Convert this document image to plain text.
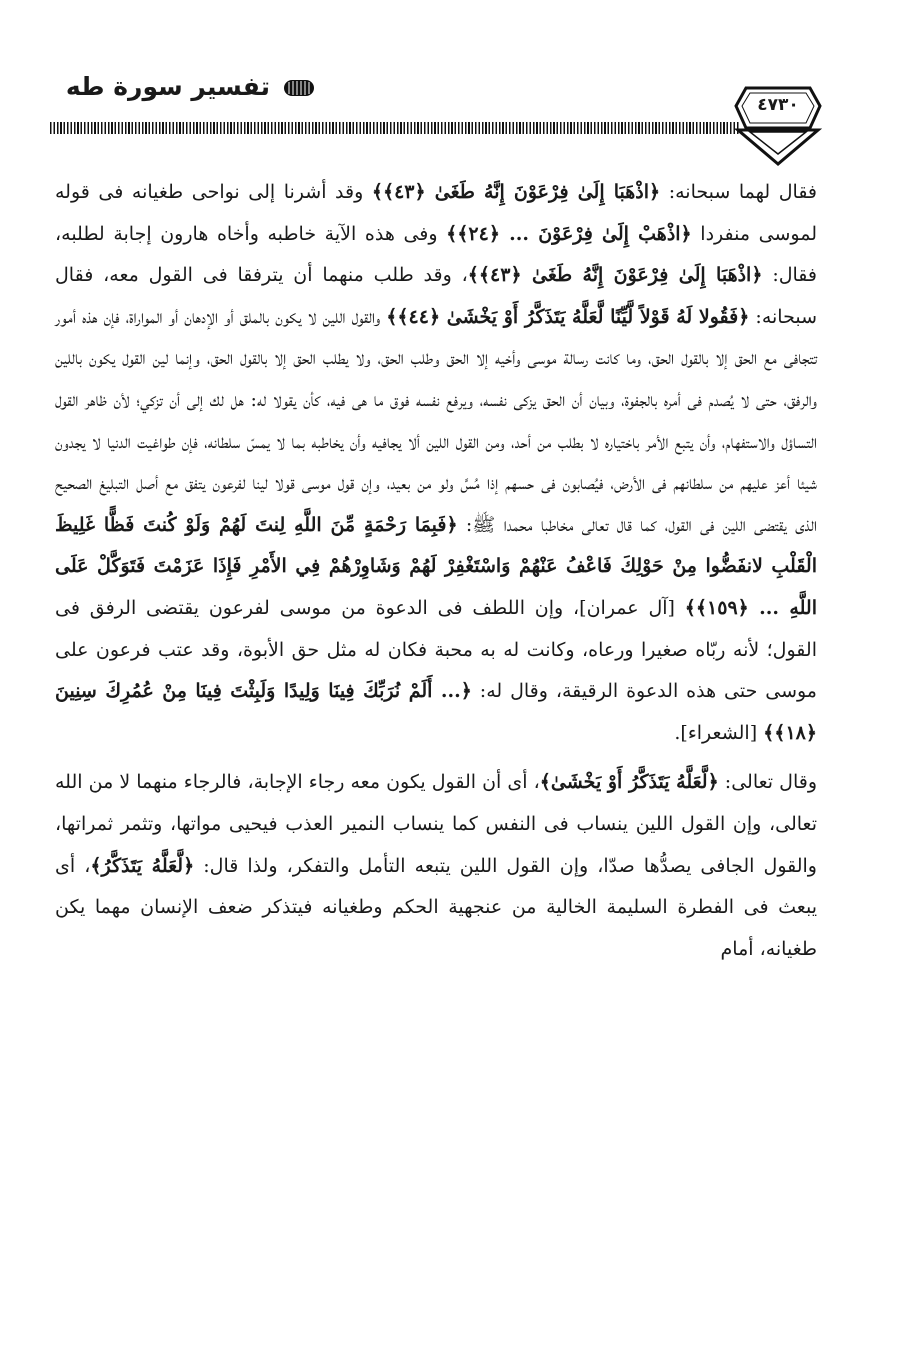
تفسير سورة طه
٤٧٣٠

فقال لهما سبحانه: ﴿اذْهَبَا إِلَىٰ فِرْعَوْنَ إِنَّهُ طَغَىٰ ﴿٤٣﴾﴾ وقد أشرنا إلى نواحى طغيانه فى قوله لموسى منفردا ﴿اذْهَبْ إِلَىٰ فِرْعَوْنَ ... ﴿٢٤﴾﴾ وفى هذه الآية خاطبه وأخاه هارون إجابة لطلبه، فقال: ﴿اذْهَبَا إِلَىٰ فِرْعَوْنَ إِنَّهُ طَغَىٰ ﴿٤٣﴾﴾، وقد طلب منهما أن يترفقا فى القول معه، فقال سبحانه: ﴿فَقُولا لَهُ قَوْلاً لَّيِّنًا لَّعَلَّهُ يَتَذَكَّرُ أَوْ يَخْشَىٰ ﴿٤٤﴾﴾ والقول اللين لا يكون بالملق أو الإدهان أو المواراة، فإن هذه أمور تتجافى مع الحق إلا بالقول الحق، وما كانت رسالة موسى وأخيه إلا الحق وطلب الحق، ولا يطلب الحق إلا بالقول الحق، وإنما لين القول يكون باللين والرفق، حتى لا يُصدم فى أمره بالجفوة، وبيان أن الحق يزكى نفسه، ويرفع نفسه فوق ما هى فيه، كأن يقولا له: هل لك إلى أن تزكي؛ لأن ظاهر القول التساؤل والاستفهام، وأن يتبع الأمر باختياره لا بطلب من أحد، ومن القول اللين ألا يجافيه وأن يخاطبه بما لا يمسّ سلطانه، فإن طواغيت الدنيا لا يجدون شيئا أعز عليهم من سلطانهم فى الأرض، فيُصابون فى حسهم إذا مُسَّ ولو من بعيد، وإن قول موسى قولا لينا لفرعون يتفق مع أصل التبليغ الصحيح الذى يقتضى اللين فى القول، كما قال تعالى مخاطبا محمدا ﷺ: ﴿فَبِمَا رَحْمَةٍ مِّنَ اللَّهِ لِنتَ لَهُمْ وَلَوْ كُنتَ فَظًّا غَلِيظَ الْقَلْبِ لانفَضُّوا مِنْ حَوْلِكَ فَاعْفُ عَنْهُمْ وَاسْتَغْفِرْ لَهُمْ وَشَاوِرْهُمْ فِي الأَمْرِ فَإِذَا عَزَمْتَ فَتَوَكَّلْ عَلَى اللَّهِ ... ﴿١٥٩﴾﴾ [آل عمران]، وإن اللطف فى الدعوة من موسى لفرعون يقتضى الرفق فى القول؛ لأنه ربّاه صغيرا ورعاه، وكانت له به محبة فكان له مثل حق الأبوة، وقد عتب فرعون على موسى حتى هذه الدعوة الرقيقة، وقال له: ﴿... أَلَمْ نُرَبِّكَ فِينَا وَلِيدًا وَلَبِثْتَ فِينَا مِنْ عُمُرِكَ سِنِينَ ﴿١٨﴾﴾ [الشعراء].

وقال تعالى: ﴿لَّعَلَّهُ يَتَذَكَّرُ أَوْ يَخْشَىٰ﴾، أى أن القول يكون معه رجاء الإجابة، فالرجاء منهما لا من الله تعالى، وإن القول اللين ينساب فى النفس كما ينساب النمير العذب فيحيى مواتها، وتثمر ثمراتها، والقول الجافى يصدُّها صدّا، وإن القول اللين يتبعه التأمل والتفكر، ولذا قال: ﴿لَّعَلَّهُ يَتَذَكَّرُ﴾، أى يبعث فى الفطرة السليمة الخالية من عنجهية الحكم وطغيانه فيتذكر ضعف الإنسان مهما يكن طغيانه، أمام
